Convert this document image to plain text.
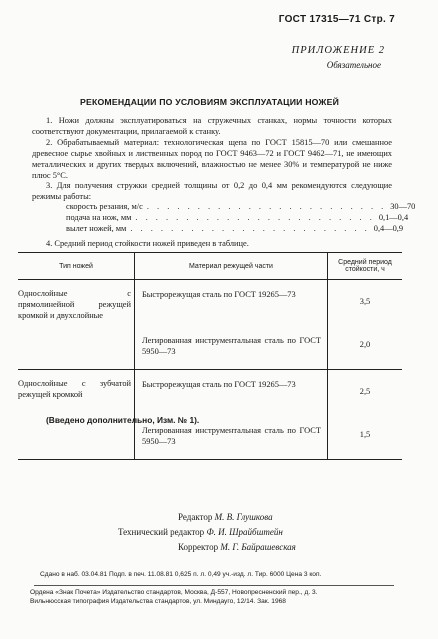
ГОСТ 17315—71 Стр. 7
ПРИЛОЖЕНИЕ 2
Обязательное
РЕКОМЕНДАЦИИ ПО УСЛОВИЯМ ЭКСПЛУАТАЦИИ НОЖЕЙ
1. Ножи должны эксплуатироваться на стружечных станках, нормы точности которых соответствуют документации, прилагаемой к станку.
2. Обрабатываемый материал: технологическая щепа по ГОСТ 15815—70 или смешанное древесное сырье хвойных и лиственных пород по ГОСТ 9463—72 и ГОСТ 9462—71, не имеющих металлических и других твердых включений, влажностью не менее 30% и температурой не ниже плюс 5°C.
3. Для получения стружки средней толщины от 0,2 до 0,4 мм рекомендуются следующие режимы работы:
скорость резания, м/с . . . . . . . . . . . . . . . . . . . . . . . . 30—70
подача на нож, мм . . . . . . . . . . . . . . . . . . . . . . . . 0,1—0,4
вылет ножей, мм . . . . . . . . . . . . . . . . . . . . . . . . 0,4—0,9
4. Средний период стойкости ножей приведен в таблице.
Тип ножей	Материал режущей части	Средний период стойкости, ч
Однослойные с прямолинейной режущей кромкой и двухслойные	Быстрорежущая сталь по ГОСТ 19265—73	3,5
	Легированная инструментальная сталь по ГОСТ 5950—73	2,0
Однослойные с зубчатой режущей кромкой	Быстрорежущая сталь по ГОСТ 19265—73	2,5
	Легированная инструментальная сталь по ГОСТ 5950—73	1,5
(Введено дополнительно, Изм. № 1).
Редактор М. В. Глушкова
Технический редактор Ф. И. Шрайбштейн
Корректор М. Г. Байрашевская
Сдано в наб. 03.04.81 Подп. в печ. 11.08.81 0,625 п. л. 0,49 уч.-изд. л. Тир. 6000 Цена 3 коп.
Ордена «Знак Почета» Издательство стандартов, Москва, Д-557, Новопресненский пер., д. 3.
Вильнюсская типография Издательства стандартов, ул. Миндауго, 12/14. Зак. 1968
